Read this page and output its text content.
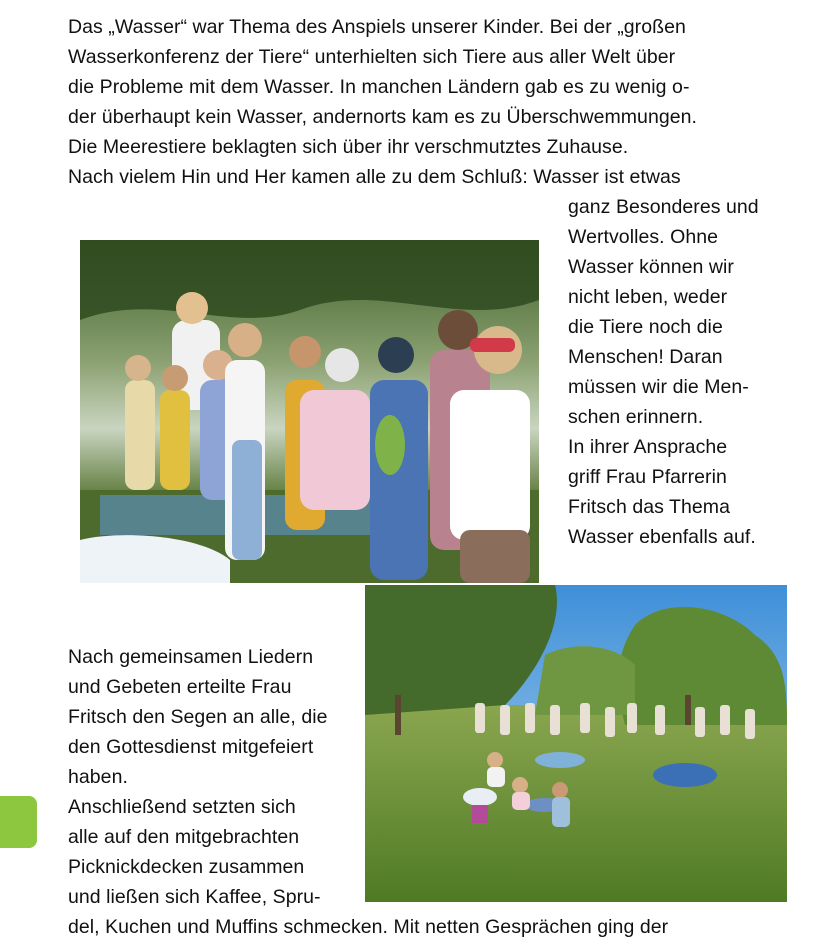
Das „Wasser“ war Thema des Anspiels unserer Kinder. Bei der „großen
Wasserkonferenz der Tiere“ unterhielten sich Tiere aus aller Welt über
die Probleme mit dem Wasser. In manchen Ländern gab es zu wenig o-
der überhaupt kein Wasser, andernorts kam es zu Überschwemmungen.
Die Meerestiere beklagten sich über ihr verschmutztes Zuhause.
Nach vielem Hin und Her kamen alle zu dem Schluß: Wasser ist etwas
ganz Besonderes und
Wertvolles. Ohne
Wasser können wir
nicht leben, weder
die Tiere noch die
Menschen! Daran
müssen wir die Men-
schen erinnern.
In ihrer Ansprache
griff Frau Pfarrerin
Fritsch das Thema
Wasser ebenfalls auf.
Nach gemeinsamen Liedern
und Gebeten erteilte Frau
Fritsch den Segen an alle, die
den Gottesdienst mitgefeiert
haben.
Anschließend setzten sich
alle auf den mitgebrachten
Picknickdecken zusammen
und ließen sich Kaffee, Spru-
del, Kuchen und Muffins schmecken. Mit netten Gesprächen ging der
